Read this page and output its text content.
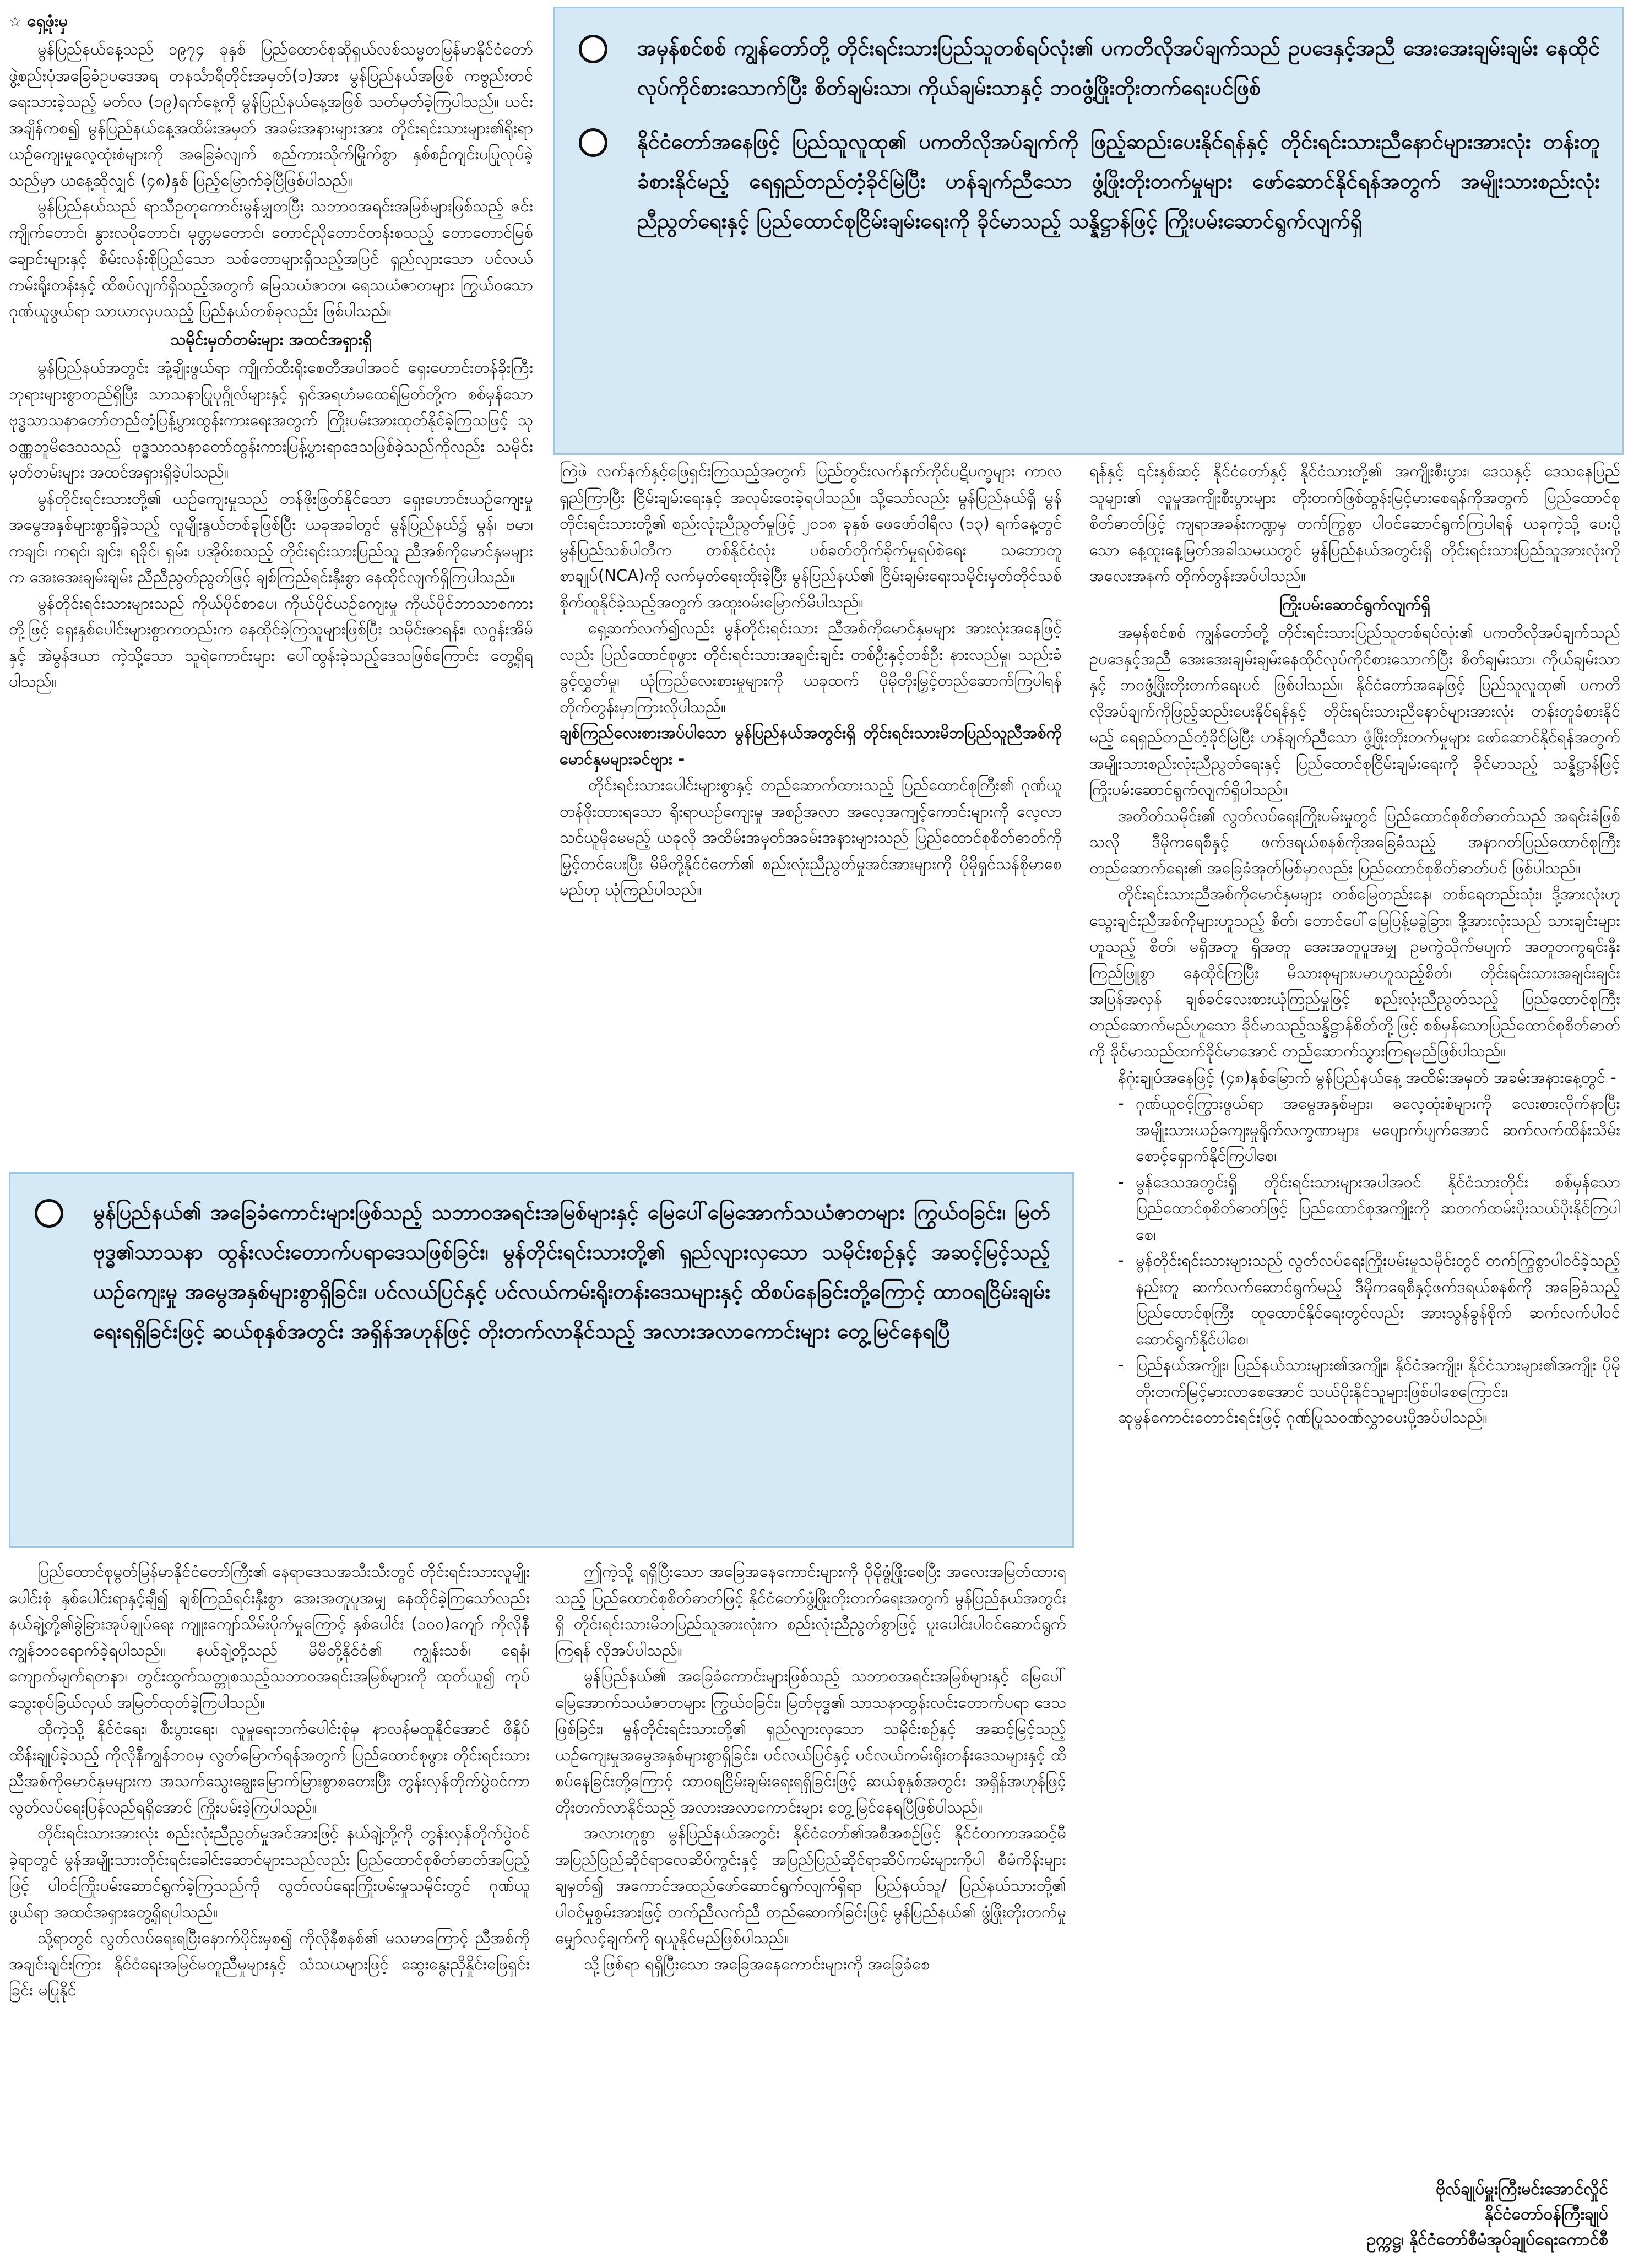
☆ ရှေ့ဖုံးမှ

မွန်ပြည်နယ်နေ့သည် ၁၉၇၄ ခုနှစ် ပြည်ထောင်စုဆိုရှယ်လစ်သမ္မတမြန်မာနိုင်ငံတော် ဖွဲ့စည်းပုံအခြေခံဥပဒေအရ တနင်္သာရီတိုင်းအမှတ်(၁)အား မွန်ပြည်နယ်အဖြစ် ကဗွည်းတင်ရေးသားခဲ့သည့် မတ်လ (၁၉)ရက်နေ့ကို မွန်ပြည်နယ်နေ့အဖြစ် သတ်မှတ်ခဲ့ကြပါသည်။ ယင်းအချိန်ကစ၍ မွန်ပြည်နယ်နေ့အထိမ်းအမှတ် အခမ်းအနားများအား တိုင်းရင်းသားများ၏ရိုးရာယဉ်ကျေးမှုလေ့ထုံးစံများကို အခြေခံလျက် စည်ကားသိုက်မြိုက်စွာ နှစ်စဉ်ကျင်းပပြုလုပ်ခဲ့သည်မှာ ယနေ့ဆိုလျှင် (၄၈)နှစ် ပြည့်မြောက်ခဲ့ပြီဖြစ်ပါသည်။

မွန်ပြည်နယ်သည် ရာသီဥတုကောင်းမွန်မျှတပြီး သဘာဝအရင်းအမြစ်များဖြစ်သည့် ဇင်းကျိုက်တောင်၊ နွားလပိုတောင်၊ မုတ္တမတောင်၊ တောင်ညိုတောင်တန်းစသည့် တောတောင်မြစ်ချောင်းများနှင့် စိမ်းလန်းစိုပြည်သော သစ်တောများရှိသည့်အပြင် ရှည်လျားသော ပင်လယ်ကမ်းရိုးတန်းနှင့် ထိစပ်လျက်ရှိသည့်အတွက် မြေသယံဇာတ၊ ရေသယံဇာတများ ကြွယ်ဝသောဂုဏ်ယူဖွယ်ရာ သာယာလှပသည့် ပြည်နယ်တစ်ခုလည်း ဖြစ်ပါသည်။

သမိုင်းမှတ်တမ်းများ အထင်အရှားရှိ

မွန်ပြည်နယ်အတွင်း အုံ့ချိုးဖွယ်ရာ ကျိုက်ထီးရိုးစေတီအပါအဝင် ရှေးဟောင်းတန်ခိုးကြီးဘုရားများစွာတည်ရှိပြီး သာသနာပြုပုဂ္ဂိုလ်များနှင့် ရှင်အရဟံမထေရ်မြတ်တို့က စစ်မှန်သော ဗုဒ္ဓသာသနာတော်တည်တံ့ပြန့်ပွားထွန်းကားရေးအတွက် ကြိုးပမ်းအားထုတ်နိုင်ခဲ့ကြသဖြင့် သုဝဏ္ဏဘူမိဒေသသည် ဗုဒ္ဓသာသနာတော်ထွန်းကားပြန့်ပွားရာဒေသဖြစ်ခဲ့သည်ကိုလည်း သမိုင်းမှတ်တမ်းများ အထင်အရှားရှိခဲ့ပါသည်။

မွန်တိုင်းရင်းသားတို့၏ ယဉ်ကျေးမှုသည် တန်ဖိုးဖြတ်နိုင်သော ရှေးဟောင်းယဉ်ကျေးမှုအမွေအနှစ်များစွာရှိခဲ့သည့် လူမျိုးနွယ်တစ်ခုဖြစ်ပြီး ယခုအခါတွင် မွန်ပြည်နယ်၌ မွန်၊ ဗမာ၊ ကချင်၊ ကရင်၊ ချင်း၊ ရခိုင်၊ ရှမ်း၊ ပအိုဝ်းစသည့် တိုင်းရင်းသားပြည်သူ ညီအစ်ကိုမောင်နှမများက အေးအေးချမ်းချမ်း ညီညီညွတ်ညွတ်ဖြင့် ချစ်ကြည်ရင်းနှီးစွာ နေထိုင်လျက်ရှိကြပါသည်။

မွန်တိုင်းရင်းသားများသည် ကိုယ်ပိုင်စာပေ၊ ကိုယ်ပိုင်ယဉ်ကျေးမှု ကိုယ်ပိုင်ဘာသာစကားတို့ဖြင့် ရှေးနှစ်ပေါင်းများစွာကတည်းက နေထိုင်ခဲ့ကြသူများဖြစ်ပြီး သမိုင်းဇာရန်း၊ လဂွန်းအိမ်နှင့် အဲမွန်ဒယာ ကဲ့သို့သော သူရဲကောင်းများ ပေါ်ထွန်းခဲ့သည့်ဒေသဖြစ်ကြောင်း တွေ့ရှိရပါသည်။

အမှန်စင်စစ် ကျွန်တော်တို့ တိုင်းရင်းသားပြည်သူတစ်ရပ်လုံး၏ ပကတိလိုအပ်ချက်သည် ဥပဒေနှင့်အညီ အေးအေးချမ်းချမ်း နေထိုင်လုပ်ကိုင်စားသောက်ပြီး စိတ်ချမ်းသာ၊ ကိုယ်ချမ်းသာနှင့် ဘဝဖွံ့ဖြိုးတိုးတက်ရေးပင်ဖြစ်
နိုင်ငံတော်အနေဖြင့် ပြည်သူလူထု၏ ပကတိလိုအပ်ချက်ကို ဖြည့်ဆည်းပေးနိုင်ရန်နှင့် တိုင်းရင်းသားညီနောင်များအားလုံး တန်းတူခံစားနိုင်မည့် ရေရှည်တည်တံ့ခိုင်မြဲပြီး ဟန်ချက်ညီသော ဖွံ့ဖြိုးတိုးတက်မှုများ ဖော်ဆောင်နိုင်ရန်အတွက် အမျိုးသားစည်းလုံးညီညွတ်ရေးနှင့် ပြည်ထောင်စုငြိမ်းချမ်းရေးကို ခိုင်မာသည့် သန္နိဋ္ဌာန်ဖြင့် ကြိုးပမ်းဆောင်ရွက်လျက်ရှိ

ကြဲဖဲ လက်နက်နှင့်ဖြေရှင်းကြသည့်အတွက် ပြည်တွင်းလက်နက်ကိုင်ပဋိပက္ခများ ကာလရှည်ကြာပြီး ငြိမ်းချမ်းရေးနှင့် အလုမ်းဝေးခဲ့ရပါသည်။ သို့သော်လည်း မွန်ပြည်နယ်ရှိ မွန်တိုင်းရင်းသားတို့၏ စည်းလုံးညီညွတ်မှုဖြင့် ၂၀၁၈ ခုနှစ် ဖေဖော်ဝါရီလ (၁၃) ရက်နေ့တွင် မွန်ပြည်သစ်ပါတီက တစ်နိုင်ငံလုံး ပစ်ခတ်တိုက်ခိုက်မှုရပ်စဲရေး သဘောတူစာချုပ်(NCA)ကို လက်မှတ်ရေးထိုးခဲ့ပြီး မွန်ပြည်နယ်၏ ငြိမ်းချမ်းရေးသမိုင်းမှတ်တိုင်သစ် စိုက်ထူနိုင်ခဲ့သည့်အတွက် အထူးဝမ်းမြောက်မိပါသည်။

ရှေ့ဆက်လက်၍လည်း မွန်တိုင်းရင်းသား ညီအစ်ကိုမောင်နှမများ အားလုံးအနေဖြင့်လည်း ပြည်ထောင်စုဖွား တိုင်းရင်းသားအချင်းချင်း တစ်ဦးနှင့်တစ်ဦး နားလည်မှု၊ သည်းခံခွင့်လွှတ်မှု၊ ယုံကြည်လေးစားမှုများကို ယခုထက် ပိုမိုတိုးမြှင့်တည်ဆောက်ကြပါရန် တိုက်တွန်းမှာကြားလိုပါသည်။

ချစ်ကြည်လေးစားအပ်ပါသော မွန်ပြည်နယ်အတွင်းရှိ တိုင်းရင်းသားမိဘပြည်သူညီအစ်ကို မောင်နှမများခင်ဗျား -

တိုင်းရင်းသားပေါင်းများစွာနှင့် တည်ဆောက်ထားသည့် ပြည်ထောင်စုကြီး၏ ဂုဏ်ယူတန်ဖိုးထားရသော ရိုးရာယဉ်ကျေးမှု အစဉ်အလာ အလေ့အကျင့်ကောင်းများကို လေ့လာသင်ယူမိုမေမည့် ယခုလို အထိမ်းအမှတ်အခမ်းအနားများသည် ပြည်ထောင်စုစိတ်ဓာတ်ကို မြှင့်တင်ပေးပြီး မိမိတို့နိုင်ငံတော်၏ စည်းလုံးညီညွတ်မှုအင်အားများကို ပိုမိုရှင်သန်စိုမာစေမည်ဟု ယုံကြည်ပါသည်။

ရန်နှင့် ၎င်းနှစ်ဆင့် နိုင်ငံတော်နှင့် နိုင်ငံသားတို့၏ အကျိုးစီးပွား၊ ဒေသနှင့် ဒေသနေပြည်သူများ၏ လူမှုအကျိုးစီးပွားများ တိုးတက်ဖြစ်ထွန်းမြင့်မားစေရန်ကိုအတွက် ပြည်ထောင်စုစိတ်ဓာတ်ဖြင့် ကျရာအခန်းကဏ္ဍမှ တက်ကြွစွာ ပါဝင်ဆောင်ရွက်ကြပါရန် ယခုကဲ့သို့ ပေးပို့သော နေ့ထူးနေ့မြတ်အခါသမယတွင် မွန်ပြည်နယ်အတွင်းရှိ တိုင်းရင်းသားပြည်သူအားလုံးကို အလေးအနက် တိုက်တွန်းအပ်ပါသည်။

ကြိုးပမ်းဆောင်ရွက်လျက်ရှိ

အမှန်စင်စစ် ကျွန်တော်တို့ တိုင်းရင်းသားပြည်သူတစ်ရပ်လုံး၏ ပကတိလိုအပ်ချက်သည် ဥပဒေနှင့်အညီ အေးအေးချမ်းချမ်းနေထိုင်လုပ်ကိုင်စားသောက်ပြီး စိတ်ချမ်းသာ၊ ကိုယ်ချမ်းသာနှင့် ဘဝဖွံ့ဖြိုးတိုးတက်ရေးပင် ဖြစ်ပါသည်။ နိုင်ငံတော်အနေဖြင့် ပြည်သူလူထု၏ ပကတိလိုအပ်ချက်ကိုဖြည့်ဆည်းပေးနိုင်ရန်နှင့် တိုင်းရင်းသားညီနောင်များအားလုံး တန်းတူခံစားနိုင်မည့် ရေရှည်တည်တံ့ခိုင်မြဲပြီး ဟန်ချက်ညီသော ဖွံ့ဖြိုးတိုးတက်မှုများ ဖော်ဆောင်နိုင်ရန်အတွက် အမျိုးသားစည်းလုံးညီညွတ်ရေးနှင့် ပြည်ထောင်စုငြိမ်းချမ်းရေးကို ခိုင်မာသည့် သန္နိဋ္ဌာန်ဖြင့် ကြိုးပမ်းဆောင်ရွက်လျက်ရှိပါသည်။

အတိတ်သမိုင်း၏ လွတ်လပ်ရေးကြိုးပမ်းမှုတွင် ပြည်ထောင်စုစိတ်ဓာတ်သည် အရင်းခံဖြစ်သလို ဒီမိုကရေစီနှင့် ဖက်ဒရယ်စနစ်ကိုအခြေခံသည့် အနာဂတ်ပြည်ထောင်စုကြီး တည်ဆောက်ရေး၏ အခြေခံအုတ်မြစ်မှာလည်း ပြည်ထောင်စုစိတ်ဓာတ်ပင် ဖြစ်ပါသည်။

တိုင်းရင်းသားညီအစ်ကိုမောင်နှမများ တစ်မြေတည်းနေ၊ တစ်ရေတည်းသုံး၊ ဒို့အားလုံးဟု သွေးချင်းညီအစ်ကိုများဟူသည့် စိတ်၊ တောင်ပေါ်မြေပြန့်မခွဲခြား၊ ဒို့အားလုံးသည် သားချင်းများဟူသည့် စိတ်၊ မရှိအတူ ရှိအတူ အေးအတူပူအမျှ ဥမကွဲသိုက်မပျက် အတူတကွရင်းနှီးကြည်ဖြူစွာ နေထိုင်ကြပြီး မိသားစုများပမာဟူသည့်စိတ်၊ တိုင်းရင်းသားအချင်းချင်း အပြန်အလှန် ချစ်ခင်လေးစားယုံကြည်မှုဖြင့် စည်းလုံးညီညွတ်သည့် ပြည်ထောင်စုကြီး တည်ဆောက်မည်ဟူသော ခိုင်မာသည့်သန္နိဋ္ဌာန်စိတ်တို့ဖြင့် စစ်မှန်သောပြည်ထောင်စုစိတ်ဓာတ်ကို ခိုင်မာသည်ထက်ခိုင်မာအောင် တည်ဆောက်သွားကြရမည်ဖြစ်ပါသည်။

နိဂုံးချုပ်အနေဖြင့် (၄၈)နှစ်မြောက် မွန်ပြည်နယ်နေ့ အထိမ်းအမှတ် အခမ်းအနားနေ့တွင် -

- ဂုဏ်ယူဝင့်ကြွားဖွယ်ရာ အမွေအနှစ်များ၊ ဓလေ့ထုံးစံများကို လေးစားလိုက်နာပြီး အမျိုးသားယဉ်ကျေးမှုရိုက်လက္ခဏာများ မပျောက်ပျက်အောင် ဆက်လက်ထိန်းသိမ်းစောင့်ရှောက်နိုင်ကြပါစေ၊

- မွန်ဒေသအတွင်းရှိ တိုင်းရင်းသားများအပါအဝင် နိုင်ငံသားတိုင်း စစ်မှန်သော ပြည်ထောင်စုစိတ်ဓာတ်ဖြင့် ပြည်ထောင်စုအကျိုးကို ဆတက်ထမ်းပိုးသယ်ပိုးနိုင်ကြပါစေ၊

- မွန်တိုင်းရင်းသားများသည် လွတ်လပ်ရေးကြိုးပမ်းမှုသမိုင်းတွင် တက်ကြွစွာပါဝင်ခဲ့သည့်နည်းတူ ဆက်လက်ဆောင်ရွက်မည့် ဒီမိုကရေစီနှင့်ဖက်ဒရယ်စနစ်ကို အခြေခံသည့် ပြည်ထောင်စုကြီး ထူထောင်နိုင်ရေးတွင်လည်း အားသွန်ခွန်စိုက် ဆက်လက်ပါဝင်ဆောင်ရွက်နိုင်ပါစေ၊

- ပြည်နယ်အကျိုး၊ ပြည်နယ်သားများ၏အကျိုး၊ နိုင်ငံအကျိုး၊ နိုင်ငံသားများ၏အကျိုး ပိုမိုတိုးတက်မြင့်မားလာစေအောင် သယ်ပိုးနိုင်သူများဖြစ်ပါစေကြောင်း၊

ဆုမွန်ကောင်းတောင်းရင်းဖြင့် ဂုဏ်ပြုသဝဏ်လွှာပေးပို့အပ်ပါသည်။

မွန်ပြည်နယ်၏ အခြေခံကောင်းများဖြစ်သည့် သဘာဝအရင်းအမြစ်များနှင့် မြေပေါ်မြေအောက်သယံဇာတများ ကြွယ်ဝခြင်း၊ မြတ်ဗုဒ္ဓ၏သာသနာ ထွန်းလင်းတောက်ပရာဒေသဖြစ်ခြင်း၊ မွန်တိုင်းရင်းသားတို့၏ ရှည်လျားလှသော သမိုင်းစဉ်နှင့် အဆင့်မြင့်သည့်ယဉ်ကျေးမှု အမွေအနှစ်များစွာရှိခြင်း၊ ပင်လယ်ပြင်နှင့် ပင်လယ်ကမ်းရိုးတန်းဒေသများနှင့် ထိစပ်နေခြင်းတို့ကြောင့် ထာဝရငြိမ်းချမ်းရေးရရှိခြင်းဖြင့် ဆယ်စုနှစ်အတွင်း အရှိန်အဟုန်ဖြင့် တိုးတက်လာနိုင်သည့် အလားအလာကောင်းများ တွေ့မြင်နေရပြီ

ပြည်ထောင်စုမွတ်မြန်မာနိုင်ငံတော်ကြီး၏ နေရာဒေသအသီးသီးတွင် တိုင်းရင်းသားလူမျိုးပေါင်းစုံ နှစ်ပေါင်းရာနှင့်ချီ၍ ချစ်ကြည်ရင်းနှီးစွာ အေးအတူပူအမျှ နေထိုင်ခဲ့ကြသော်လည်း နယ်ချဲ့တို့၏ခွဲခြားအုပ်ချုပ်ရေး ကျူးကျော်သိမ်းပိုက်မှုကြောင့် နှစ်ပေါင်း (၁၀၀)ကျော် ကိုလိုနီကျွန်ဘဝရောက်ခဲ့ရပါသည်။ နယ်ချဲ့တို့သည် မိမိတို့နိုင်ငံ၏ ကျွန်းသစ်၊ ရေနံ၊ ကျောက်မျက်ရတနာ၊ တွင်းထွက်သတ္တုစသည့်သဘာဝအရင်းအမြစ်များကို ထုတ်ယူ၍ ကုပ်သွေးစုပ်ခြယ်လှယ် အမြတ်ထုတ်ခဲ့ကြပါသည်။

ထိုကဲ့သို့ နိုင်ငံရေး၊ စီးပွားရေး၊ လူမှုရေးဘက်ပေါင်းစုံမှ နာလန်မထူနိုင်အောင် ဖိနှိပ်ထိန်းချုပ်ခဲ့သည့် ကိုလိုနီကျွန်ဘဝမှ လွတ်မြောက်ရန်အတွက် ပြည်ထောင်စုဖွား တိုင်းရင်းသားညီအစ်ကိုမောင်နှမများက အသက်သွေးချွေးမြောက်မြားစွာစတေးပြီး တွန်းလှန်တိုက်ပွဲဝင်ကာ လွတ်လပ်ရေးပြန်လည်ရရှိအောင် ကြိုးပမ်းခဲ့ကြပါသည်။

တိုင်းရင်းသားအားလုံး စည်းလုံးညီညွတ်မှုအင်အားဖြင့် နယ်ချဲ့တို့ကို တွန်းလှန်တိုက်ပွဲဝင်ခဲ့ရာတွင် မွန်အမျိုးသားတိုင်းရင်းခေါင်းဆောင်များသည်လည်း ပြည်ထောင်စုစိတ်ဓာတ်အပြည့်ဖြင့် ပါဝင်ကြိုးပမ်းဆောင်ရွက်ခဲ့ကြသည်ကို လွတ်လပ်ရေးကြိုးပမ်းမှုသမိုင်းတွင် ဂုဏ်ယူဖွယ်ရာ အထင်အရှားတွေ့ရှိရပါသည်။

သို့ရာတွင် လွတ်လပ်ရေးရပြီးနောက်ပိုင်းမှစ၍ ကိုလိုနီစနစ်၏ မသမာကြောင့် ညီအစ်ကိုအချင်းချင်းကြား နိုင်ငံရေးအမြင်မတူညီမှုများနှင့် သံသယများဖြင့် ဆွေးနွေးညှိနှိုင်းဖြေရှင်းခြင်း မပြုနိုင်

ဤကဲ့သို့ ရရှိပြီးသော အခြေအနေကောင်းများကို ပိုမိုဖွံ့ဖြိုးစေပြီး အလေးအမြတ်ထားရသည့် ပြည်ထောင်စုစိတ်ဓာတ်ဖြင့် နိုင်ငံတော်ဖွံ့ဖြိုးတိုးတက်ရေးအတွက် မွန်ပြည်နယ်အတွင်းရှိ တိုင်းရင်းသားမိဘပြည်သူအားလုံးက စည်းလုံးညီညွတ်စွာဖြင့် ပူးပေါင်းပါဝင်ဆောင်ရွက်ကြရန် လိုအပ်ပါသည်။

မွန်ပြည်နယ်၏ အခြေခံကောင်းများဖြစ်သည့် သဘာဝအရင်းအမြစ်များနှင့် မြေပေါ်မြေအောက်သယံဇာတများ ကြွယ်ဝခြင်း၊ မြတ်ဗုဒ္ဓ၏ သာသနာထွန်းလင်းတောက်ပရာ ဒေသဖြစ်ခြင်း၊ မွန်တိုင်းရင်းသားတို့၏ ရှည်လျားလှသော သမိုင်းစဉ်နှင့် အဆင့်မြင့်သည့် ယဉ်ကျေးမှုအမွေအနှစ်များစွာရှိခြင်း၊ ပင်လယ်ပြင်နှင့် ပင်လယ်ကမ်းရိုးတန်းဒေသများနှင့် ထိစပ်နေခြင်းတို့ကြောင့် ထာဝရငြိမ်းချမ်းရေးရရှိခြင်းဖြင့် ဆယ်စုနှစ်အတွင်း အရှိန်အဟုန်ဖြင့် တိုးတက်လာနိုင်သည့် အလားအလာကောင်းများ တွေ့မြင်နေရပြီဖြစ်ပါသည်။

အလားတူစွာ မွန်ပြည်နယ်အတွင်း နိုင်ငံတော်၏အစီအစဉ်ဖြင့် နိုင်ငံတကာအဆင့်မီ အပြည်ပြည်ဆိုင်ရာလေဆိပ်ကွင်းနှင့် အပြည်ပြည်ဆိုင်ရာဆိပ်ကမ်းများကိုပါ စီမံကိန်းများချမှတ်၍ အကောင်အထည်ဖော်ဆောင်ရွက်လျက်ရှိရာ ပြည်နယ်သူ/ ပြည်နယ်သားတို့၏ ပါဝင်မှုစွမ်းအားဖြင့် တက်ညီလက်ညီ တည်ဆောက်ခြင်းဖြင့် မွန်ပြည်နယ်၏ ဖွံ့ဖြိုးတိုးတက်မှု မျှော်လင့်ချက်ကို ရယူနိုင်မည်ဖြစ်ပါသည်။

သို့ဖြစ်ရာ ရရှိပြီးသော အခြေအနေကောင်းများကို အခြေခံစေ

ဗိုလ်ချုပ်မှူးကြီးမင်းအောင်လှိုင်
နိုင်ငံတော်ဝန်ကြီးချုပ်
ဥက္ကဋ္ဌ၊ နိုင်ငံတော်စီမံအုပ်ချုပ်ရေးကောင်စီ
